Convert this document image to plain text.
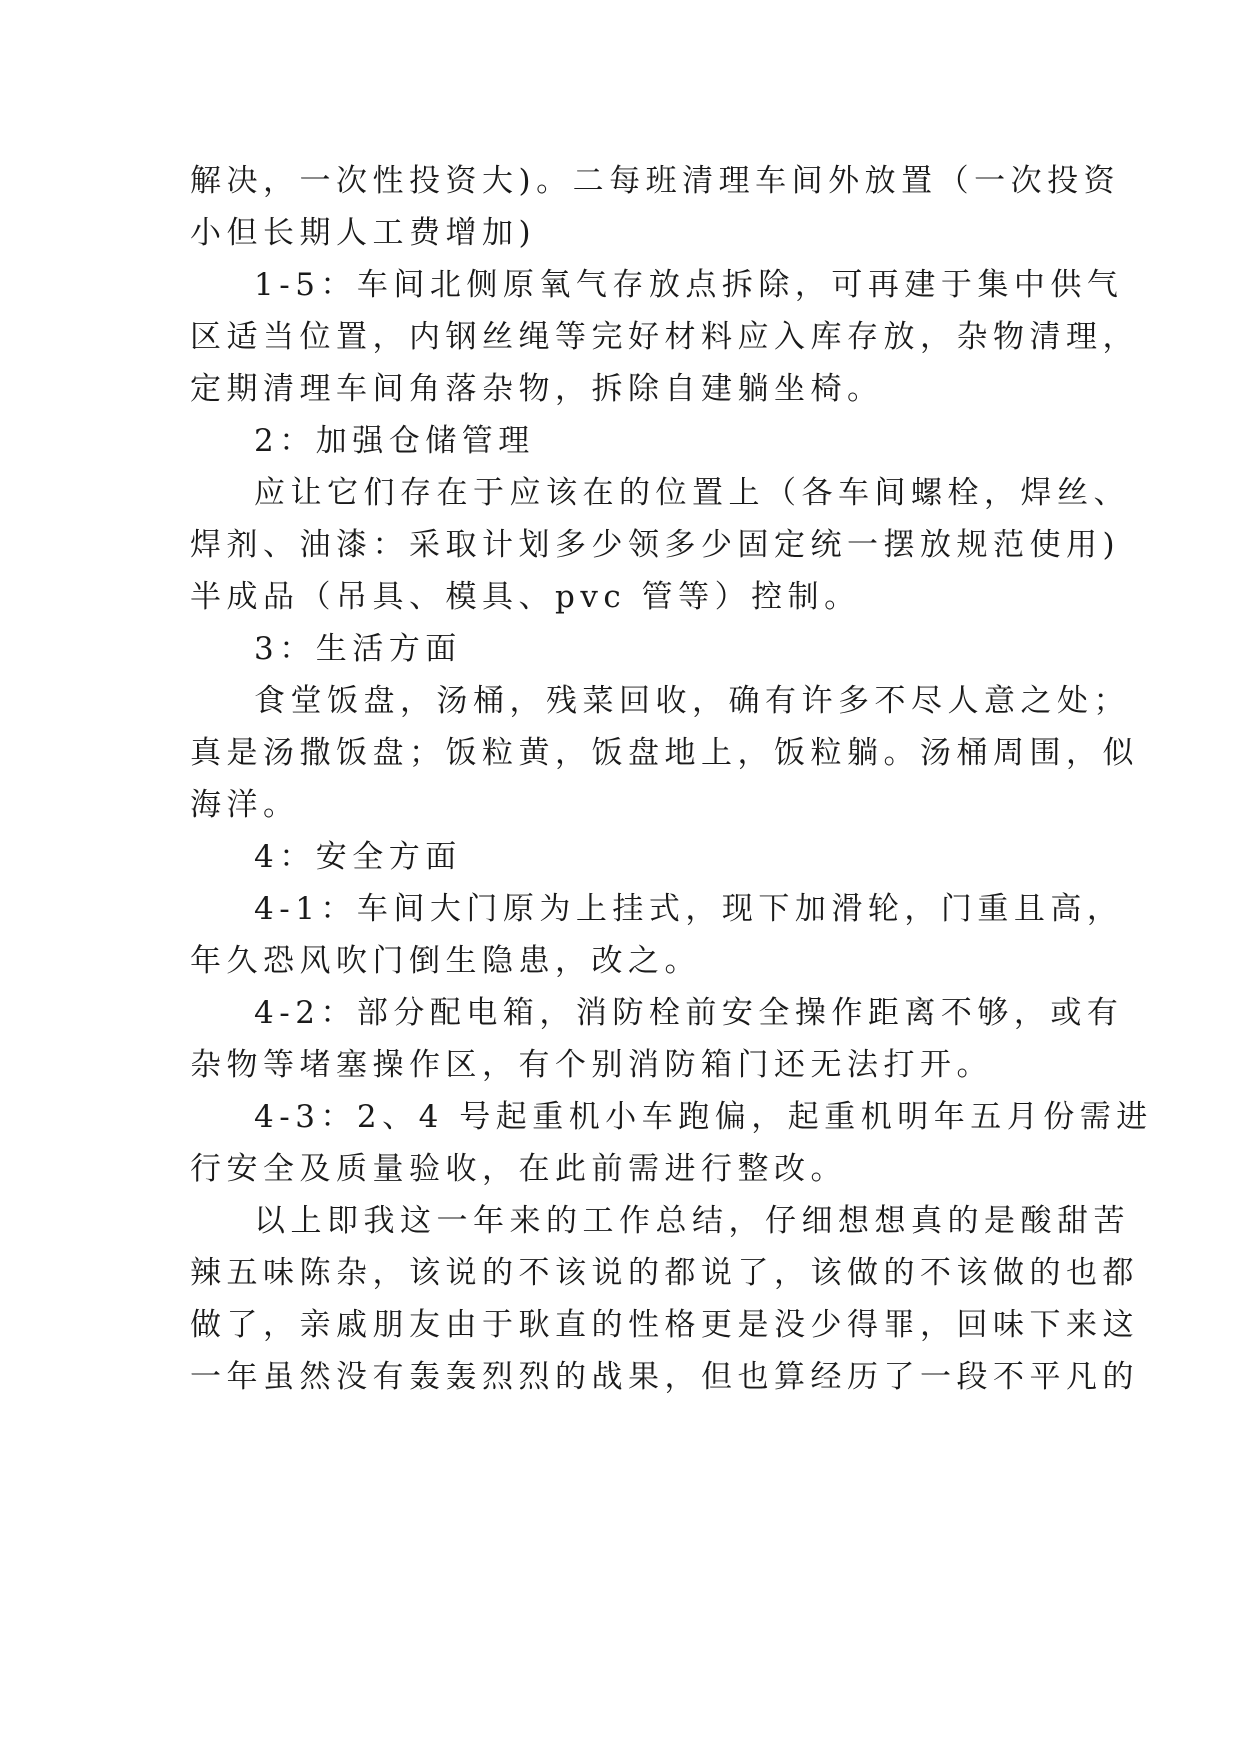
解决，一次性投资大)。二每班清理车间外放置（一次投资
小但长期人工费增加)
1-5：车间北侧原氧气存放点拆除，可再建于集中供气
区适当位置，内钢丝绳等完好材料应入库存放，杂物清理，
定期清理车间角落杂物，拆除自建躺坐椅。
2：加强仓储管理
应让它们存在于应该在的位置上（各车间螺栓，焊丝、
焊剂、油漆：采取计划多少领多少固定统一摆放规范使用)
半成品（吊具、模具、pvc 管等）控制。
3：生活方面
食堂饭盘，汤桶，残菜回收，确有许多不尽人意之处；
真是汤撒饭盘；饭粒黄，饭盘地上，饭粒躺。汤桶周围，似
海洋。
4：安全方面
4-1：车间大门原为上挂式，现下加滑轮，门重且高，
年久恐风吹门倒生隐患，改之。
4-2：部分配电箱，消防栓前安全操作距离不够，或有
杂物等堵塞操作区，有个别消防箱门还无法打开。
4-3：2、4 号起重机小车跑偏，起重机明年五月份需进
行安全及质量验收，在此前需进行整改。
以上即我这一年来的工作总结，仔细想想真的是酸甜苦
辣五味陈杂，该说的不该说的都说了，该做的不该做的也都
做了，亲戚朋友由于耿直的性格更是没少得罪，回味下来这
一年虽然没有轰轰烈烈的战果，但也算经历了一段不平凡的
